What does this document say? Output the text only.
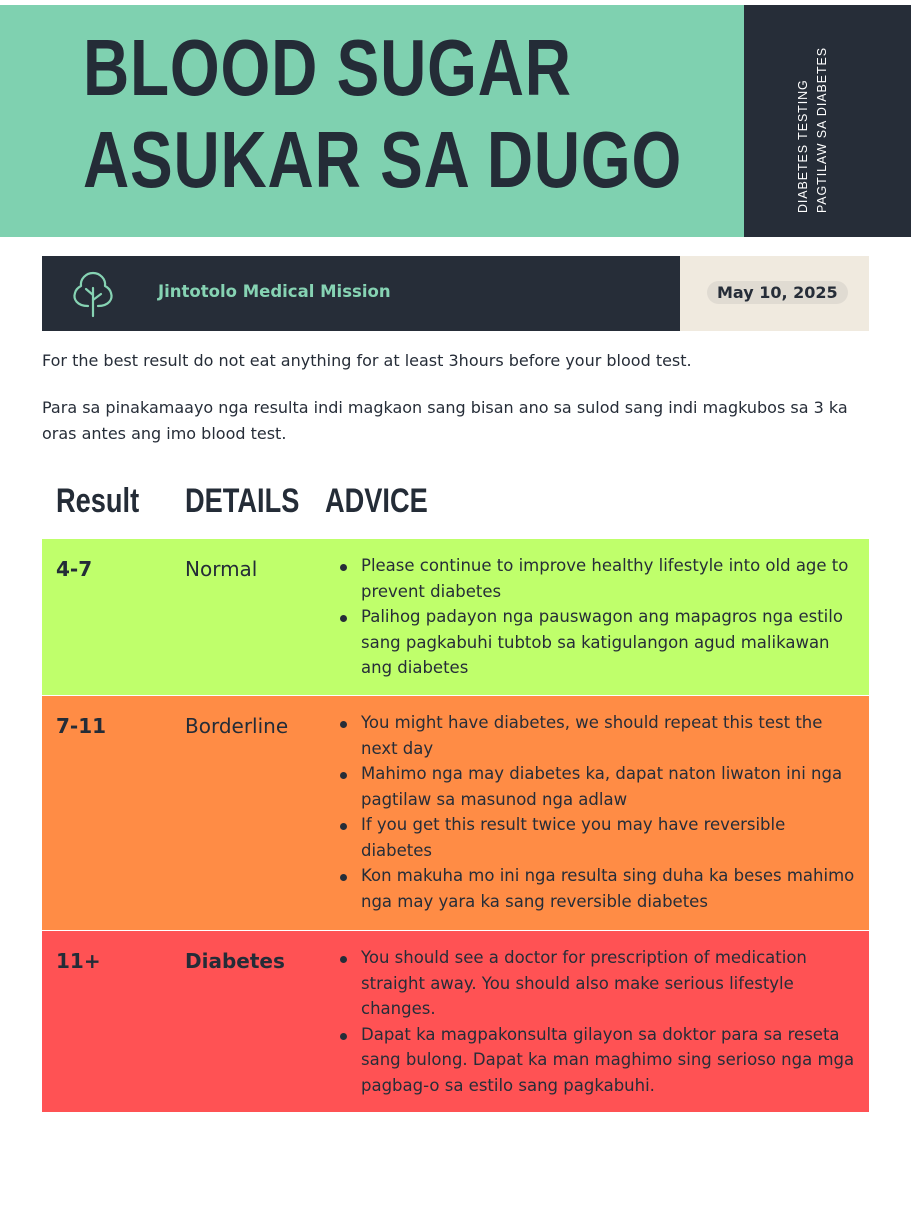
BLOOD SUGAR
ASUKAR SA DUGO	DIABETES TESTING PAGTILAW SA DIABETES
Jintotolo Medical Mission	May 10, 2025

For the best result do not eat anything for at least 3hours before your blood test.

Para sa pinakamaayo nga resulta indi magkaon sang bisan ano sa sulod sang indi magkubos sa 3 ka oras antes ang imo blood test.

Result DETAILS ADVICE
4-7	Normal	Please continue to improve healthy lifestyle into old age to prevent diabetes
Palihog padayon nga pauswagon ang mapagros nga estilo sang pagkabuhi tubtob sa katigulangon agud malikawan ang diabetes
7-11	Borderline	You might have diabetes, we should repeat this test the next day
Mahimo nga may diabetes ka, dapat naton liwaton ini nga pagtilaw sa masunod nga adlaw
If you get this result twice you may have reversible diabetes
Kon makuha mo ini nga resulta sing duha ka beses mahimo nga may yara ka sang reversible diabetes
11+	Diabetes	You should see a doctor for prescription of medication straight away. You should also make serious lifestyle changes.
Dapat ka magpakonsulta gilayon sa doktor para sa reseta sang bulong. Dapat ka man maghimo sing serioso nga mga pagbag-o sa estilo sang pagkabuhi.
